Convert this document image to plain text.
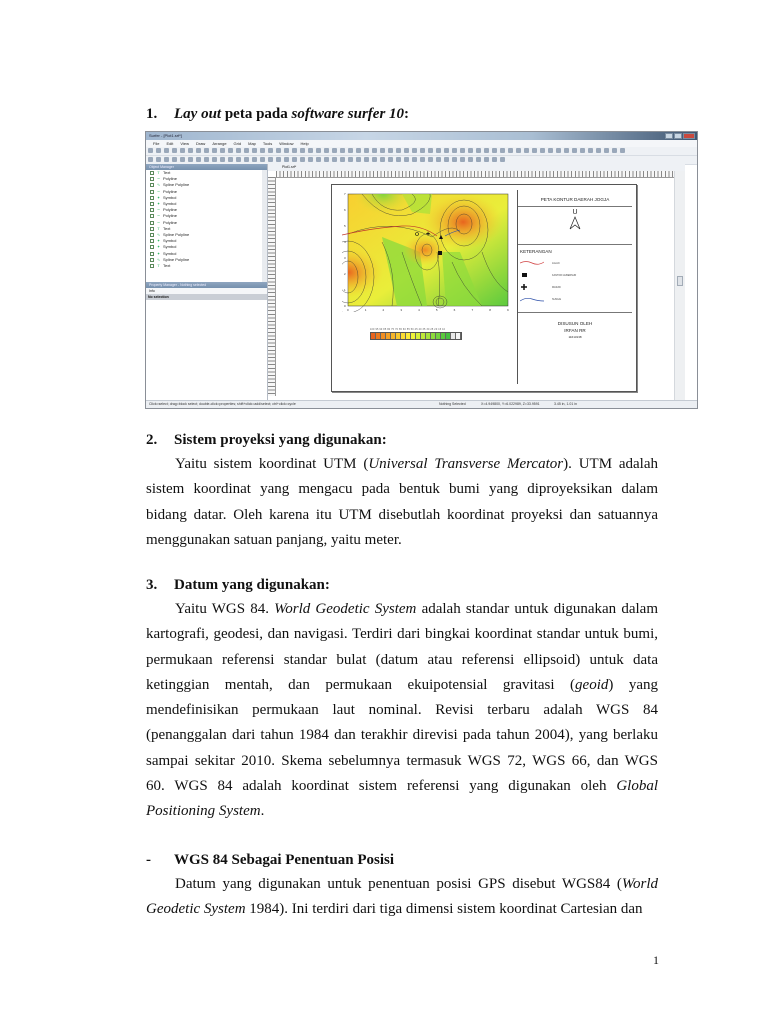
1. Lay out peta pada software surfer 10:
Surfer - [Plot1.srf*]
File Edit View Draw Arrange Grid Map Tools Window Help
Object Manager
T Text
∼ Polyline
∿ Spline Polyline
∼ Polyline
✦ Symbol
✦ Symbol
∼ Polyline
∼ Polyline
∼ Polyline
T Text
∿ Spline Polyline
✦ Symbol
✦ Symbol
✦ Symbol
∿ Spline Polyline
T Text
Property Manager - Nothing selected
Info
No selection
Plot1.srf*
+
7
6
5
4
3
2
1
0
0	1	2	3	4	5	6	7	8	9
100 95 90 85 80 75 70 65 60 55 50 45 40 35 30 25 20 15 10
PETA KONTUR DAERAH JOGJA
U
KETERANGAN
JALAN
KANTOR GUBERNUR
MASJID
SUNGAI
DISUSUN OLEH
IRFAN RR
11613138
Click=select; drag=block select; double-click=properties; shift+click=add/select; ctrl+click=cycle	Nothing Selected	X=4.949800, Y=6.022989, Z=33.9591	3.45 in, 1.01 in
2. Sistem proyeksi yang digunakan:
Yaitu sistem koordinat UTM (Universal Transverse Mercator). UTM adalah
sistem koordinat yang mengacu pada bentuk bumi yang diproyeksikan dalam
bidang datar. Oleh karena itu UTM disebutlah koordinat proyeksi dan satuannya
menggunakan satuan panjang, yaitu meter.
3. Datum yang digunakan:
Yaitu WGS 84. World Geodetic System adalah standar untuk digunakan dalam
kartografi, geodesi, dan navigasi. Terdiri dari bingkai koordinat standar untuk bumi,
permukaan referensi standar bulat (datum atau referensi ellipsoid) untuk data
ketinggian mentah, dan permukaan ekuipotensial gravitasi (geoid) yang
mendefinisikan permukaan laut nominal. Revisi terbaru adalah WGS 84
(penanggalan dari tahun 1984 dan terakhir direvisi pada tahun 2004), yang berlaku
sampai sekitar 2010. Skema sebelumnya termasuk WGS 72, WGS 66, dan WGS
60. WGS 84 adalah koordinat sistem referensi yang digunakan oleh Global
Positioning System.
- WGS 84 Sebagai Penentuan Posisi
Datum yang digunakan untuk penentuan posisi GPS disebut WGS84 (World
Geodetic System 1984). Ini terdiri dari tiga dimensi sistem koordinat Cartesian dan
1
